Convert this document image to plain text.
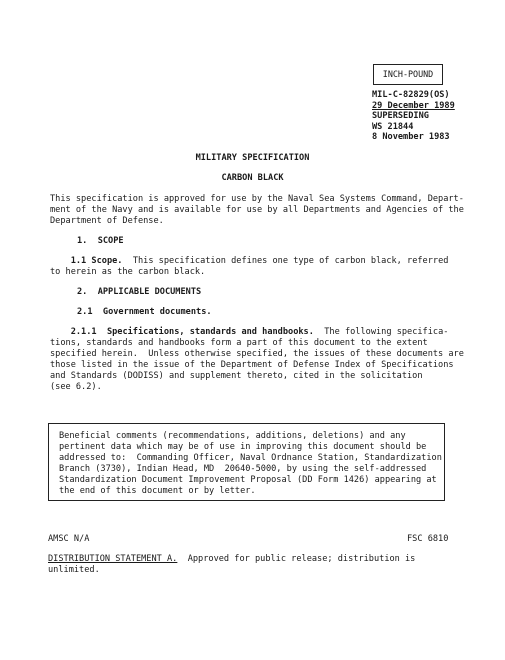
INCH-POUND
MIL-C-82829(OS)
29 December 1989
SUPERSEDING
WS 21844
8 November 1983
MILITARY SPECIFICATION
CARBON BLACK
This specification is approved for use by the Naval Sea Systems Command, Depart-
ment of the Navy and is available for use by all Departments and Agencies of the
Department of Defense.
1.  SCOPE
1.1 Scope.  This specification defines one type of carbon black, referred
to herein as the carbon black.
2.  APPLICABLE DOCUMENTS
2.1 Government documents.
2.1.1 Specifications, standards and handbooks.  The following specifica-
tions, standards and handbooks form a part of this document to the extent
specified herein.  Unless otherwise specified, the issues of these documents are
those listed in the issue of the Department of Defense Index of Specifications
and Standards (DODISS) and supplement thereto, cited in the solicitation
(see 6.2).
Beneficial comments (recommendations, additions, deletions) and any
pertinent data which may be of use in improving this document should be
addressed to:  Commanding Officer, Naval Ordnance Station, Standardization
Branch (3730), Indian Head, MD  20640-5000, by using the self-addressed
Standardization Document Improvement Proposal (DD Form 1426) appearing at
the end of this document or by letter.
AMSC N/A	FSC 6810
DISTRIBUTION STATEMENT A.  Approved for public release; distribution is
unlimited.
